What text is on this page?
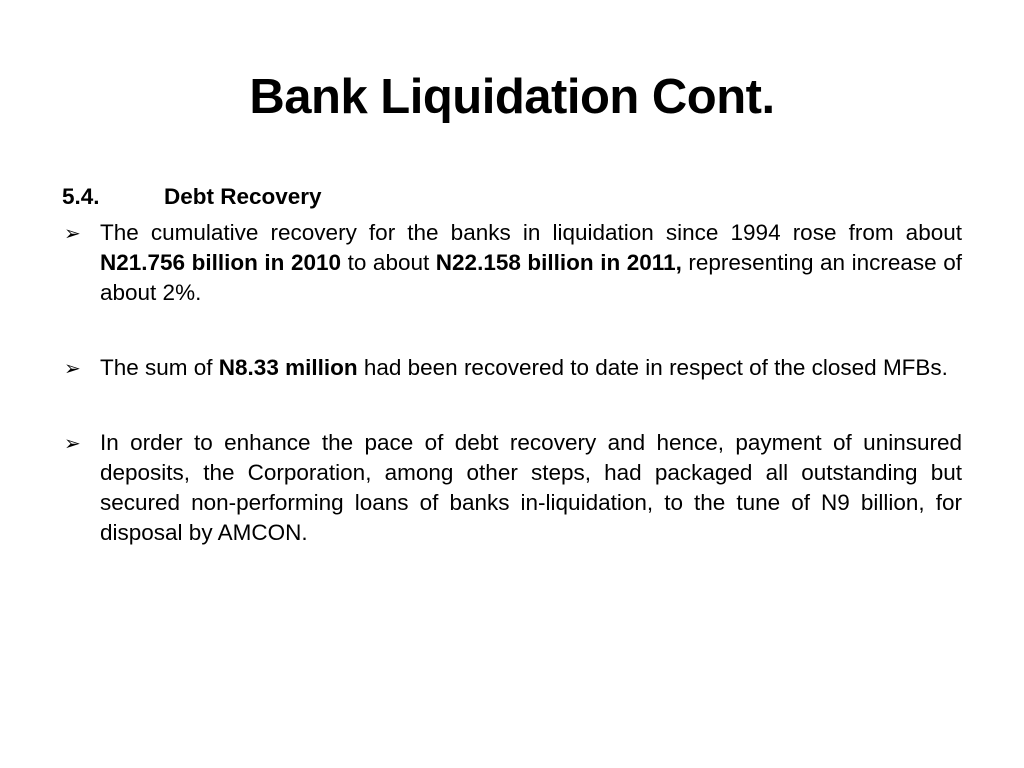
Bank Liquidation Cont.
5.4.	Debt Recovery
➢ The cumulative recovery for the banks in liquidation since 1994 rose from about N21.756 billion in 2010 to about N22.158 billion in 2011, representing an increase of about 2%.
➢ The sum of N8.33 million had been recovered to date in respect of the closed MFBs.
➢ In order to enhance the pace of debt recovery and hence, payment of uninsured deposits, the Corporation, among other steps, had packaged all outstanding but secured non-performing loans of banks in-liquidation, to the tune of N9 billion, for disposal by AMCON.
